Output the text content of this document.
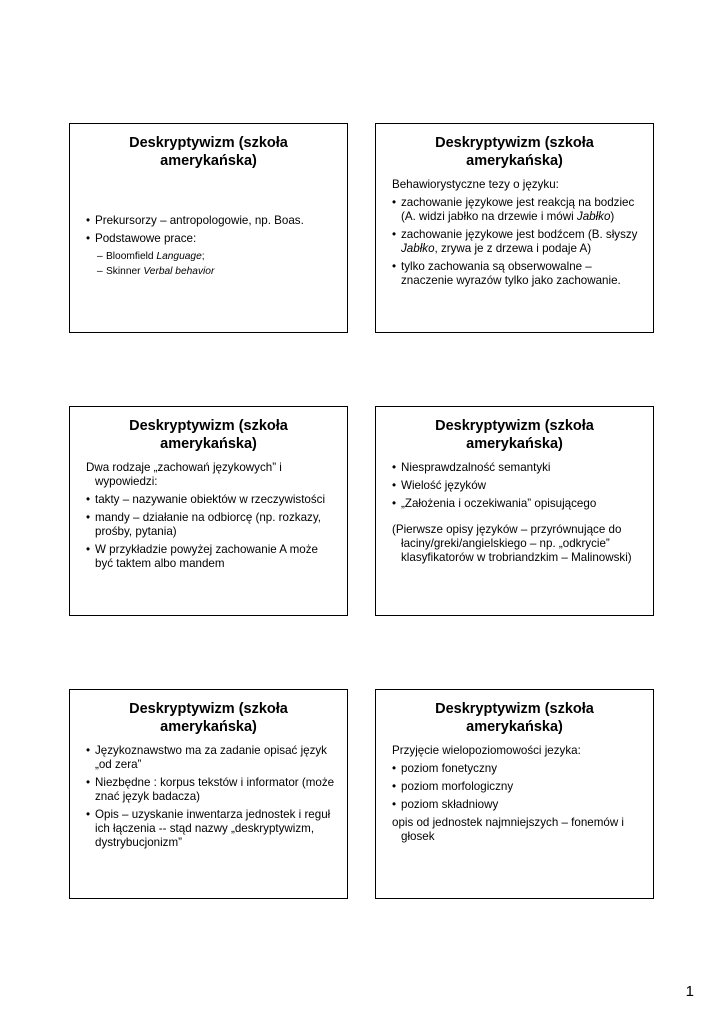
Deskryptywizm (szkoła amerykańska)
• Prekursorzy – antropologowie, np. Boas.
• Podstawowe prace:
– Bloomfield Language;
– Skinner Verbal behavior
Deskryptywizm (szkoła amerykańska)
Behawiorystyczne tezy o języku:
• zachowanie językowe jest reakcją na bodziec (A. widzi jabłko na drzewie i mówi Jabłko)
• zachowanie językowe jest bodźcem (B. słyszy Jabłko, zrywa je z drzewa i podaje A)
• tylko zachowania są obserwowalne – znaczenie wyrazów tylko jako zachowanie.
Deskryptywizm (szkoła amerykańska)
Dwa rodzaje „zachowań językowych” i wypowiedzi:
• takty – nazywanie obiektów w rzeczywistości
• mandy – działanie na odbiorcę (np. rozkazy, prośby, pytania)
• W przykładzie powyżej zachowanie A może być taktem albo mandem
Deskryptywizm (szkoła amerykańska)
• Niesprawdzalność semantyki
• Wielość języków
• „Założenia i oczekiwania” opisującego
(Pierwsze opisy języków – przyrównujące do łaciny/greki/angielskiego – np. „odkrycie” klasyfikatorów w trobriandzkim – Malinowski)
Deskryptywizm (szkoła amerykańska)
• Językoznawstwo ma za zadanie opisać język „od zera”
• Niezbędne : korpus tekstów i informator (może znać język badacza)
• Opis – uzyskanie inwentarza jednostek i reguł ich łączenia -- stąd nazwy „deskryptywizm, dystrybucjonizm”
Deskryptywizm (szkoła amerykańska)
Przyjęcie wielopoziomowości jezyka:
• poziom fonetyczny
• poziom morfologiczny
• poziom składniowy
opis od jednostek najmniejszych – fonemów i głosek
1
